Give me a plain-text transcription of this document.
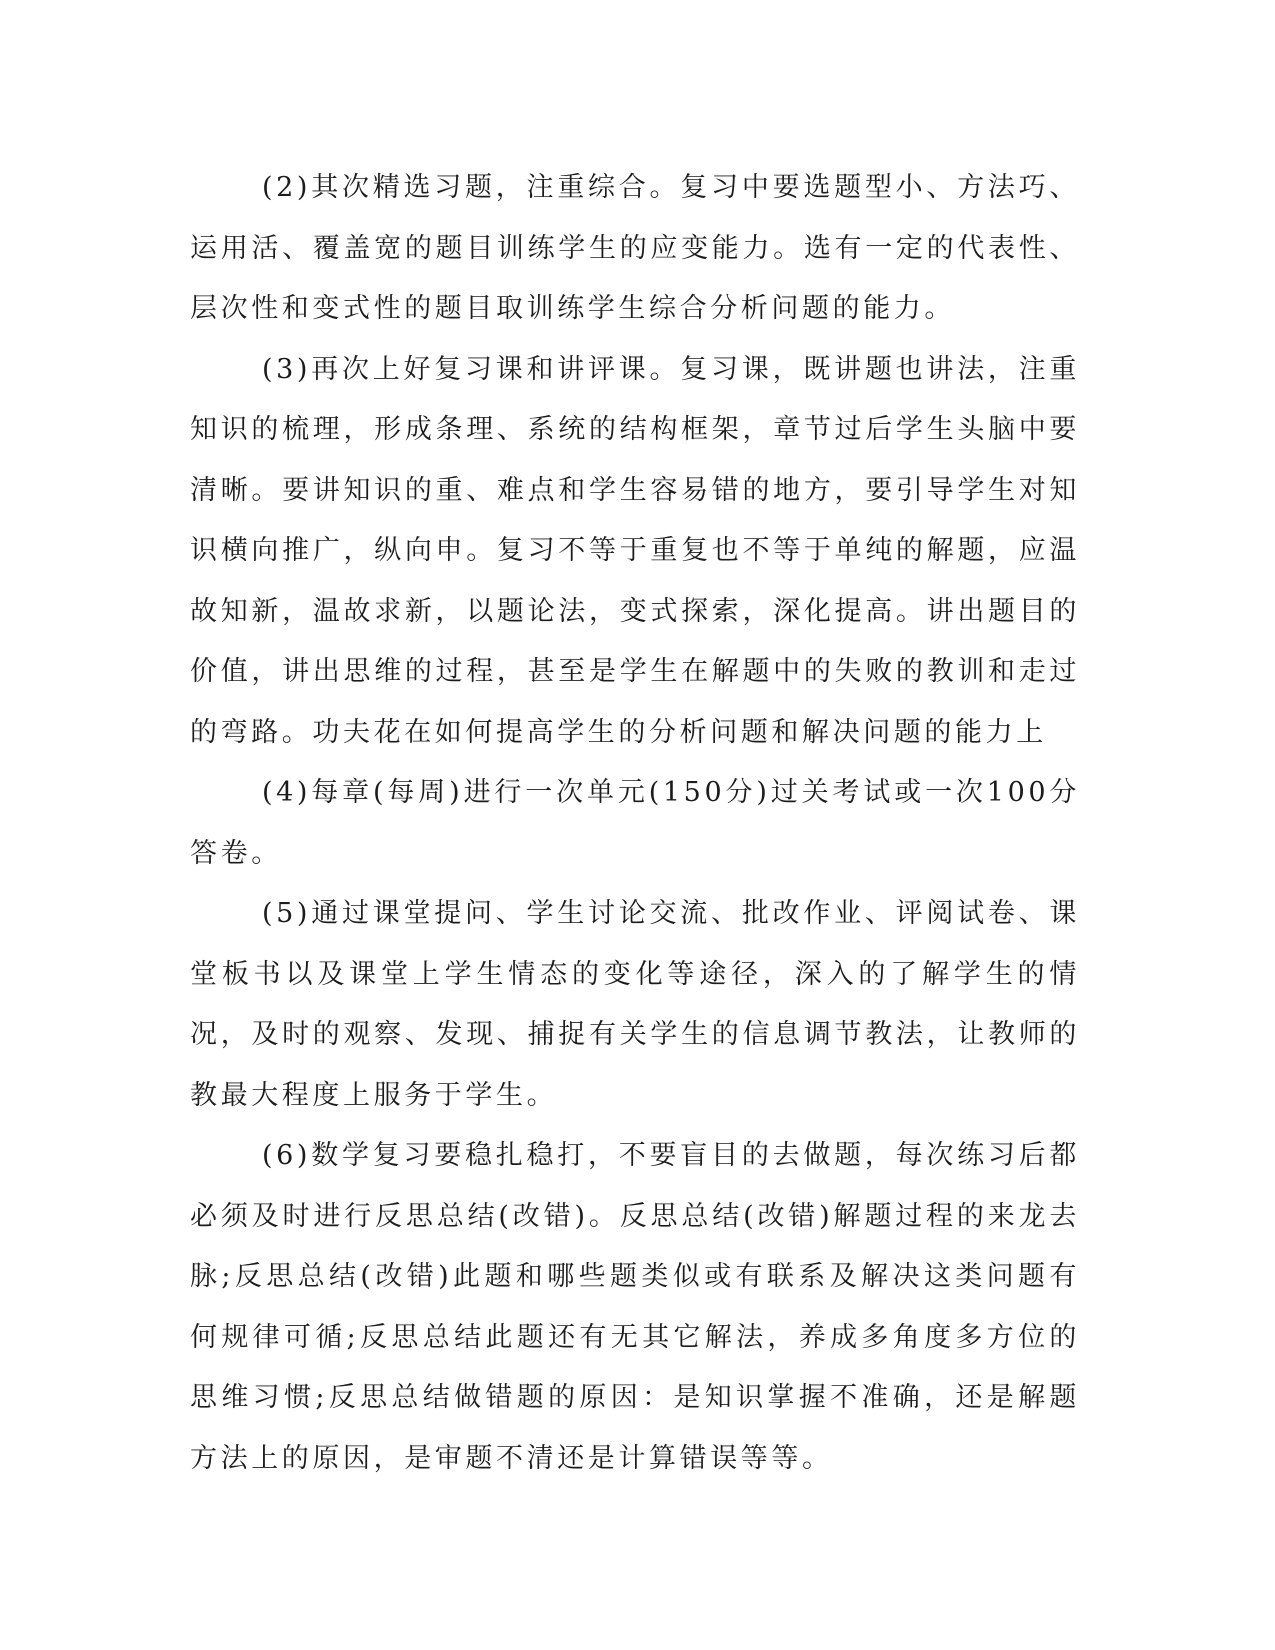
(2)其次精选习题，注重综合。复习中要选题型小、方法巧、运用活、覆盖宽的题目训练学生的应变能力。选有一定的代表性、层次性和变式性的题目取训练学生综合分析问题的能力。

(3)再次上好复习课和讲评课。复习课，既讲题也讲法，注重知识的梳理，形成条理、系统的结构框架，章节过后学生头脑中要清晰。要讲知识的重、难点和学生容易错的地方，要引导学生对知识横向推广，纵向申。复习不等于重复也不等于单纯的解题，应温故知新，温故求新，以题论法，变式探索，深化提高。讲出题目的价值，讲出思维的过程，甚至是学生在解题中的失败的教训和走过的弯路。功夫花在如何提高学生的分析问题和解决问题的能力上

(4)每章(每周)进行一次单元(150分)过关考试或一次100分答卷。

(5)通过课堂提问、学生讨论交流、批改作业、评阅试卷、课堂板书以及课堂上学生情态的变化等途径，深入的了解学生的情况，及时的观察、发现、捕捉有关学生的信息调节教法，让教师的教最大程度上服务于学生。

(6)数学复习要稳扎稳打，不要盲目的去做题，每次练习后都必须及时进行反思总结(改错)。反思总结(改错)解题过程的来龙去脉;反思总结(改错)此题和哪些题类似或有联系及解决这类问题有何规律可循;反思总结此题还有无其它解法，养成多角度多方位的思维习惯;反思总结做错题的原因：是知识掌握不准确，还是解题方法上的原因，是审题不清还是计算错误等等。
